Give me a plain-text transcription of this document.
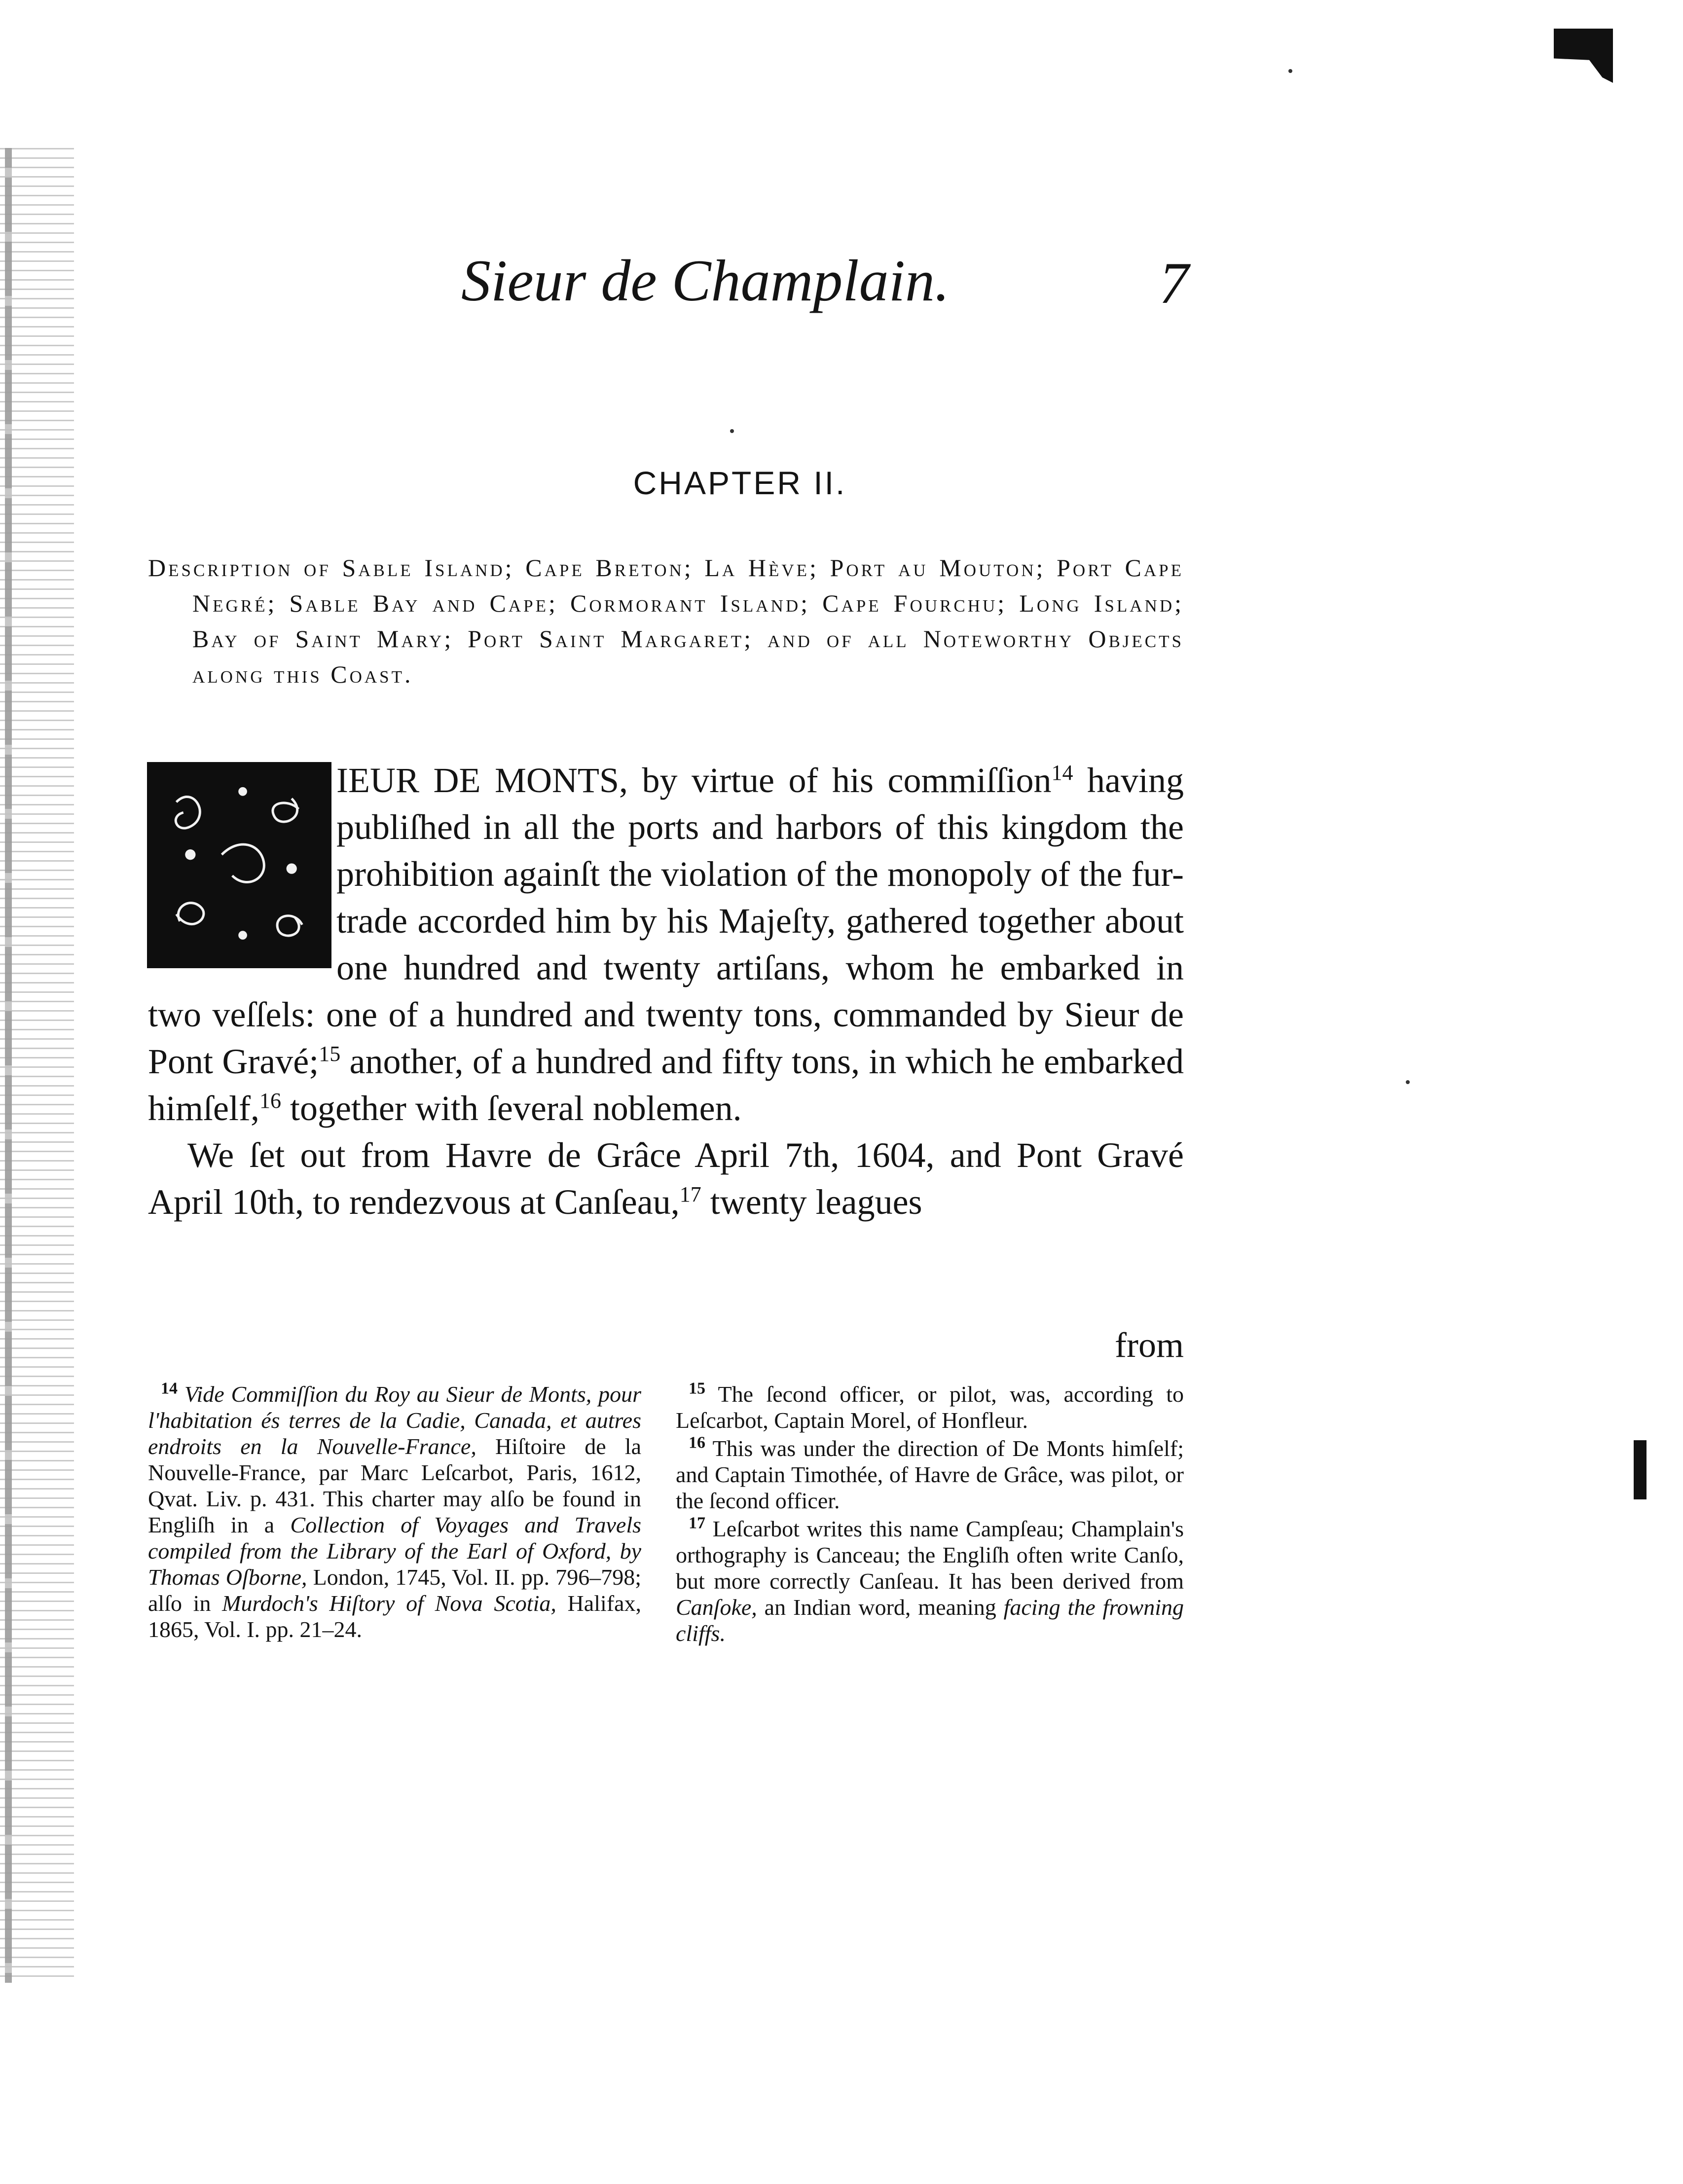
Sieur de Champlain.	7
CHAPTER II.
Description of Sable Island; Cape Breton; La Hève; Port au Mouton; Port Cape Negré; Sable Bay and Cape; Cormorant Island; Cape Fourchu; Long Island; Bay of Saint Mary; Port Saint Margaret; and of all Noteworthy Objects along this Coast.

IEUR DE MONTS, by virtue of his commiſſion$^{14}$ having publiſhed in all the ports and harbors of this kingdom the prohibition againſt the violation of the monopoly of the fur-trade accorded him by his Majeſty, gathered together about one hundred and twenty artiſans, whom he embarked in two veſſels: one of a hundred and twenty tons, commanded by Sieur de Pont Gravé;$^{15}$ another, of a hundred and fifty tons, in which he embarked himſelf,$^{16}$ together with ſeveral noblemen.

We ſet out from Havre de Grâce April 7th, 1604, and Pont Gravé April 10th, to rendezvous at Canſeau,$^{17}$ twenty leagues

from

$^{14}$ Vide Commiſſion du Roy au Sieur de Monts, pour l'habitation és terres de la Cadie, Canada, et autres endroits en la Nouvelle-France, Hiſtoire de la Nouvelle-France, par Marc Leſcarbot, Paris, 1612, Qvat. Liv. p. 431. This charter may alſo be found in Engliſh in a Collection of Voyages and Travels compiled from the Library of the Earl of Oxford, by Thomas Oſborne, London, 1745, Vol. II. pp. 796–798; alſo in Murdoch's Hiſtory of Nova Scotia, Halifax, 1865, Vol. I. pp. 21–24.

$^{15}$ The ſecond officer, or pilot, was, according to Leſcarbot, Captain Morel, of Honfleur.

$^{16}$ This was under the direction of De Monts himſelf; and Captain Timothée, of Havre de Grâce, was pilot, or the ſecond officer.

$^{17}$ Leſcarbot writes this name Campſeau; Champlain's orthography is Canceau; the Engliſh often write Canſo, but more correctly Canſeau. It has been derived from Canſoke, an Indian word, meaning facing the frowning cliffs.
